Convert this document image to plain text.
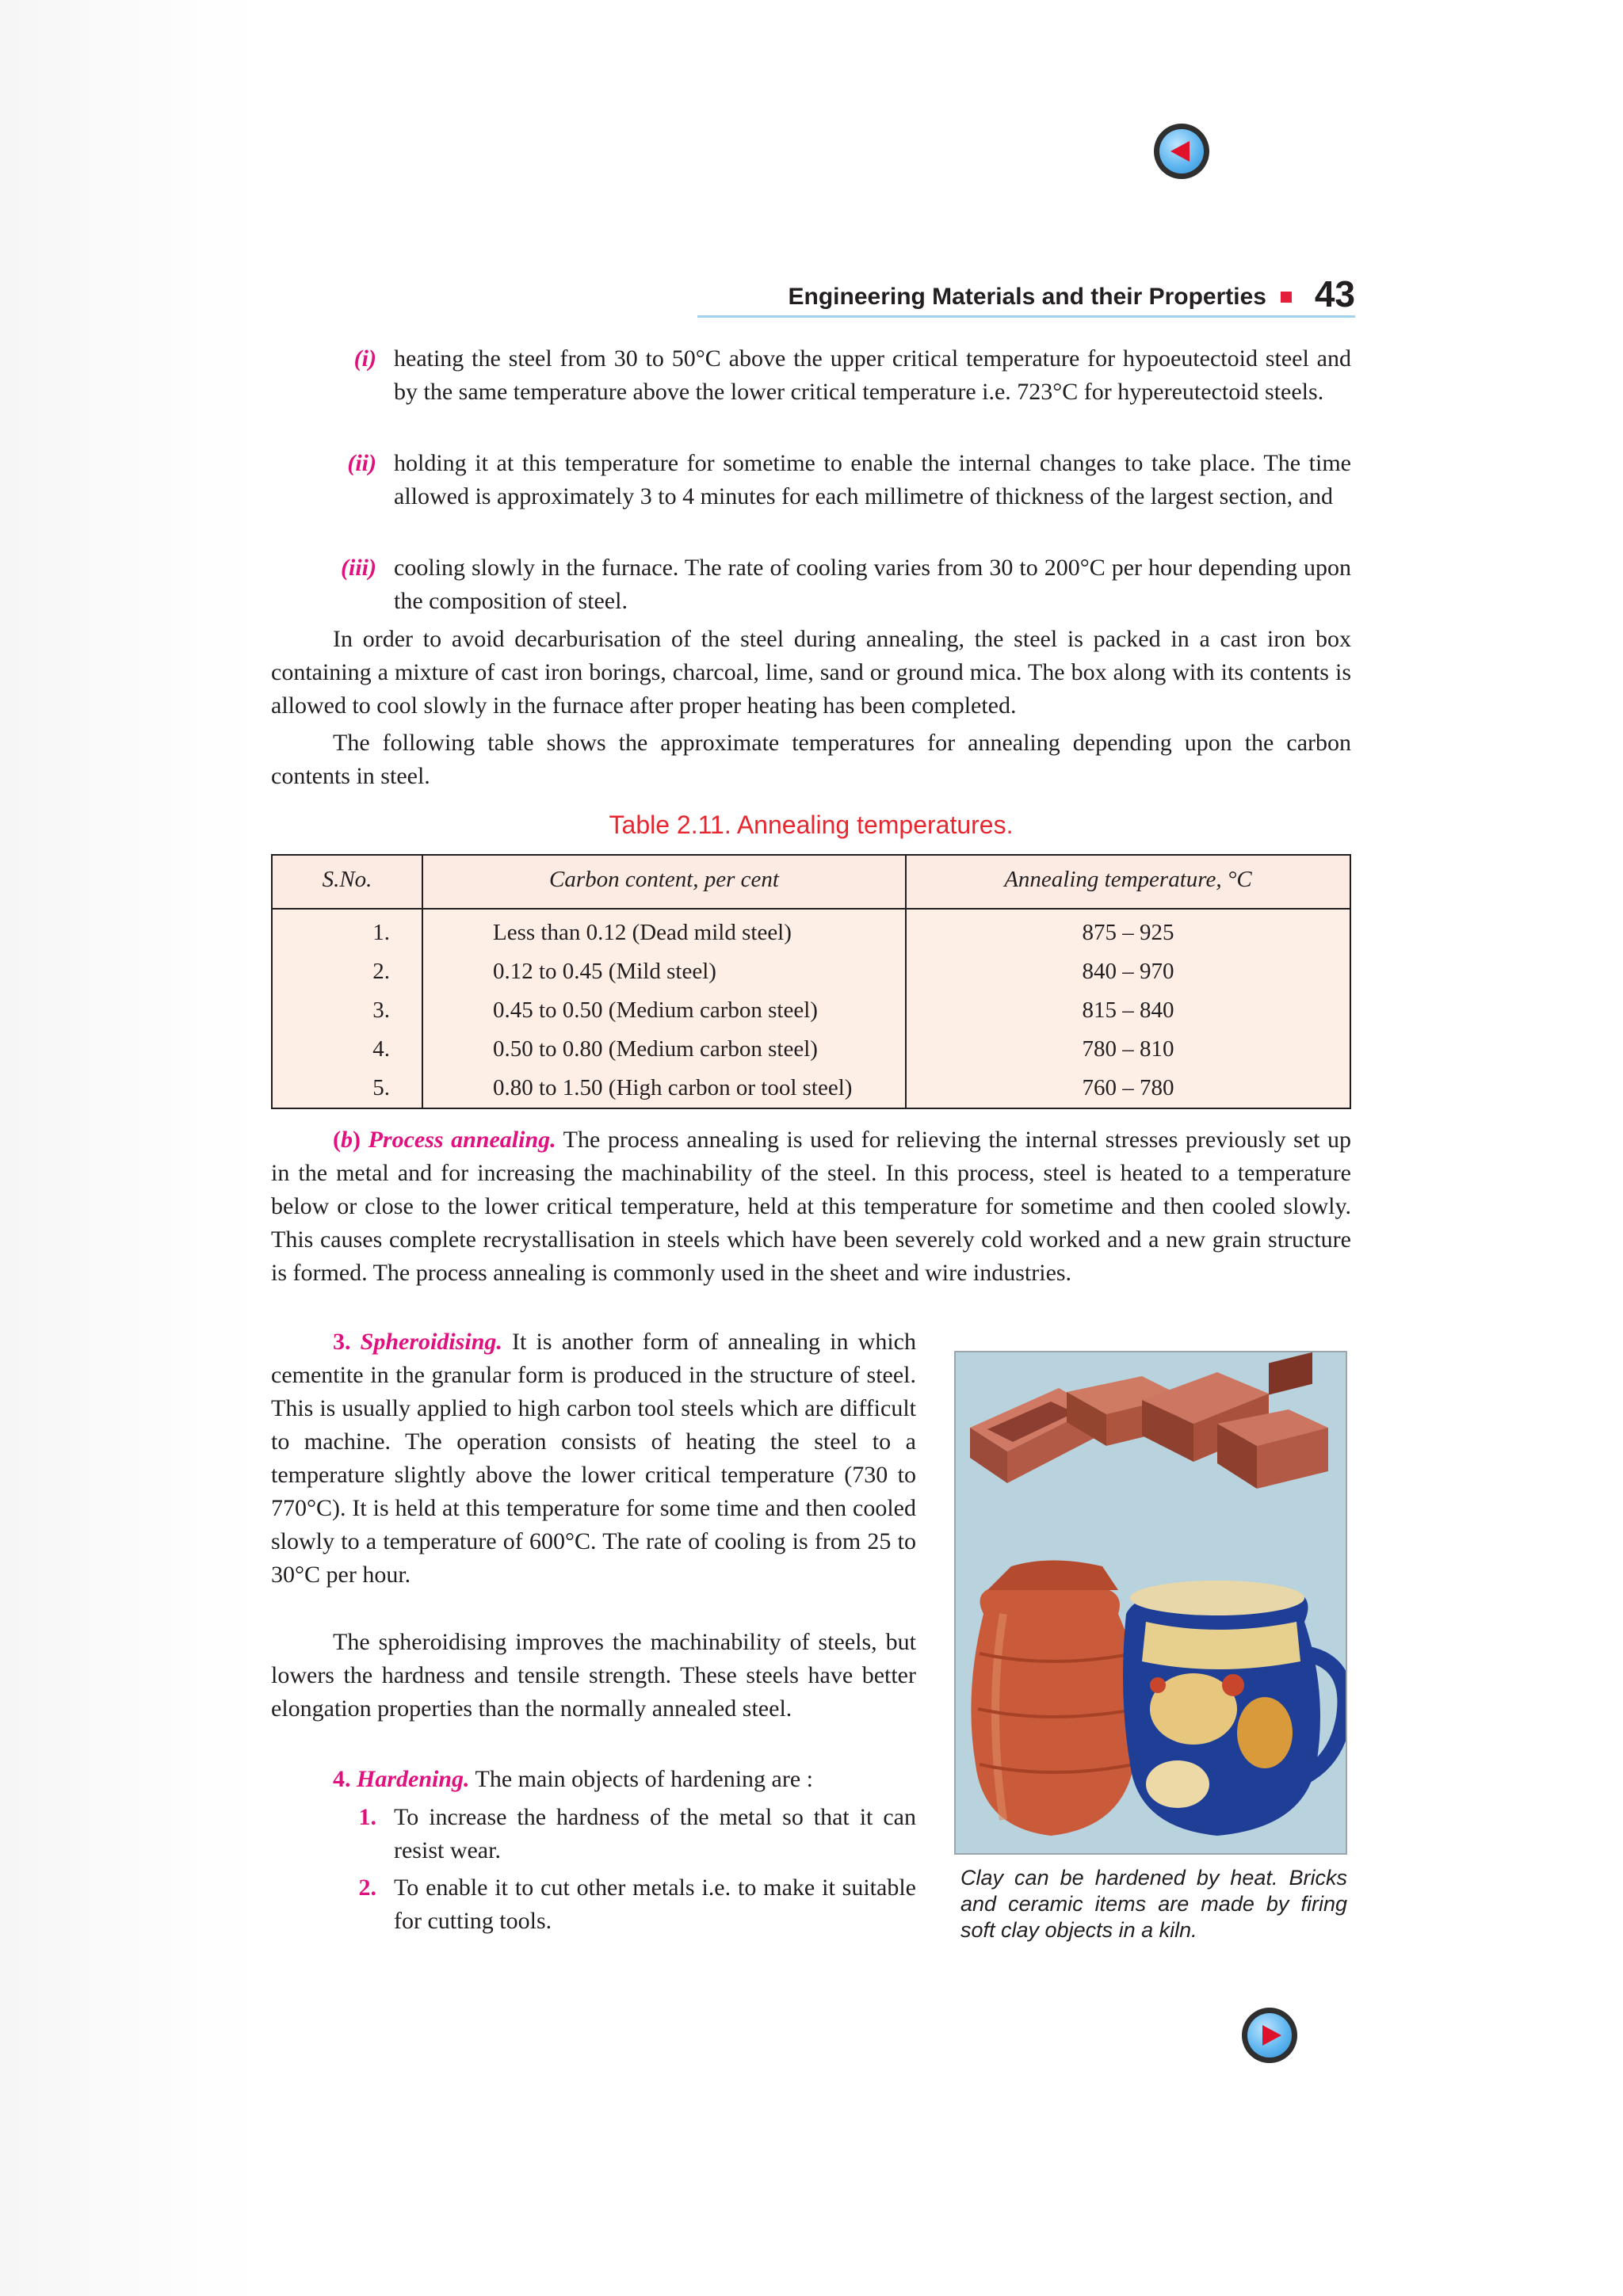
Engineering Materials and their Properties 43
(i) heating the steel from 30 to 50°C above the upper critical temperature for hypoeutectoid steel and by the same temperature above the lower critical temperature i.e. 723°C for hypereutectoid steels.
(ii) holding it at this temperature for sometime to enable the internal changes to take place. The time allowed is approximately 3 to 4 minutes for each millimetre of thickness of the largest section, and
(iii) cooling slowly in the furnace. The rate of cooling varies from 30 to 200°C per hour depending upon the composition of steel.

In order to avoid decarburisation of the steel during annealing, the steel is packed in a cast iron box containing a mixture of cast iron borings, charcoal, lime, sand or ground mica. The box along with its contents is allowed to cool slowly in the furnace after proper heating has been completed.

The following table shows the approximate temperatures for annealing depending upon the carbon contents in steel.

Table 2.11. Annealing temperatures.
S.No.	Carbon content, per cent	Annealing temperature, °C
1.	Less than 0.12 (Dead mild steel)	875 – 925
2.	0.12 to 0.45 (Mild steel)	840 – 970
3.	0.45 to 0.50 (Medium carbon steel)	815 – 840
4.	0.50 to 0.80 (Medium carbon steel)	780 – 810
5.	0.80 to 1.50 (High carbon or tool steel)	760 – 780

(b) Process annealing. The process annealing is used for relieving the internal stresses previously set up in the metal and for increasing the machinability of the steel. In this process, steel is heated to a temperature below or close to the lower critical temperature, held at this temperature for sometime and then cooled slowly. This causes complete recrystallisation in steels which have been severely cold worked and a new grain structure is formed. The process annealing is commonly used in the sheet and wire industries.

3. Spheroidising. It is another form of annealing in which cementite in the granular form is produced in the structure of steel. This is usually applied to high carbon tool steels which are difficult to machine. The operation consists of heating the steel to a temperature slightly above the lower critical temperature (730 to 770°C). It is held at this temperature for some time and then cooled slowly to a temperature of 600°C. The rate of cooling is from 25 to 30°C per hour.

The spheroidising improves the machinability of steels, but lowers the hardness and tensile strength. These steels have better elongation properties than the normally annealed steel.

4. Hardening. The main objects of hardening are :

1. To increase the hardness of the metal so that it can resist wear.
2. To enable it to cut other metals i.e. to make it suitable for cutting tools.
Clay can be hardened by heat. Bricks and ceramic items are made by firing soft clay objects in a kiln.
